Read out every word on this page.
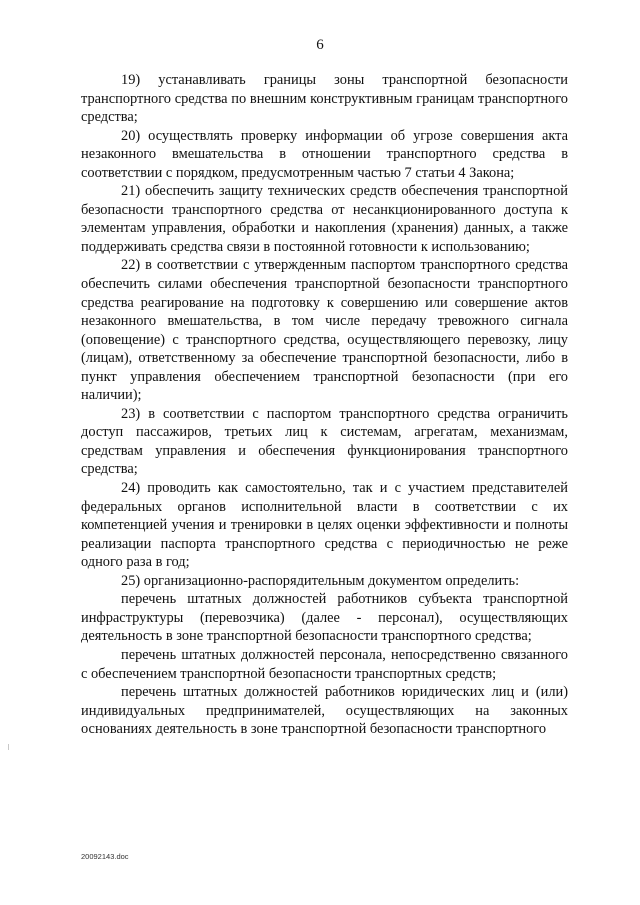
6

19) устанавливать границы зоны транспортной безопасности транспортного средства по внешним конструктивным границам транспортного средства;

20) осуществлять проверку информации об угрозе совершения акта незаконного вмешательства в отношении транспортного средства в соответствии с порядком, предусмотренным частью 7 статьи 4 Закона;

21) обеспечить защиту технических средств обеспечения транспортной безопасности транспортного средства от несанкционированного доступа к элементам управления, обработки и накопления (хранения) данных, а также поддерживать средства связи в постоянной готовности к использованию;

22) в соответствии с утвержденным паспортом транспортного средства обеспечить силами обеспечения транспортной безопасности транспортного средства реагирование на подготовку к совершению или совершение актов незаконного вмешательства, в том числе передачу тревожного сигнала (оповещение) с транспортного средства, осуществляющего перевозку, лицу (лицам), ответственному за обеспечение транспортной безопасности, либо в пункт управления обеспечением транспортной безопасности (при его наличии);

23) в соответствии с паспортом транспортного средства ограничить доступ пассажиров, третьих лиц к системам, агрегатам, механизмам, средствам управления и обеспечения функционирования транспортного средства;

24) проводить как самостоятельно, так и с участием представителей федеральных органов исполнительной власти в соответствии с их компетенцией учения и тренировки в целях оценки эффективности и полноты реализации паспорта транспортного средства с периодичностью не реже одного раза в год;

25) организационно-распорядительным документом определить:

перечень штатных должностей работников субъекта транспортной инфраструктуры (перевозчика) (далее - персонал), осуществляющих деятельность в зоне транспортной безопасности транспортного средства;

перечень штатных должностей персонала, непосредственно связанного с обеспечением транспортной безопасности транспортных средств;

перечень штатных должностей работников юридических лиц и (или) индивидуальных предпринимателей, осуществляющих на законных основаниях деятельность в зоне транспортной безопасности транспортного

20092143.doc
